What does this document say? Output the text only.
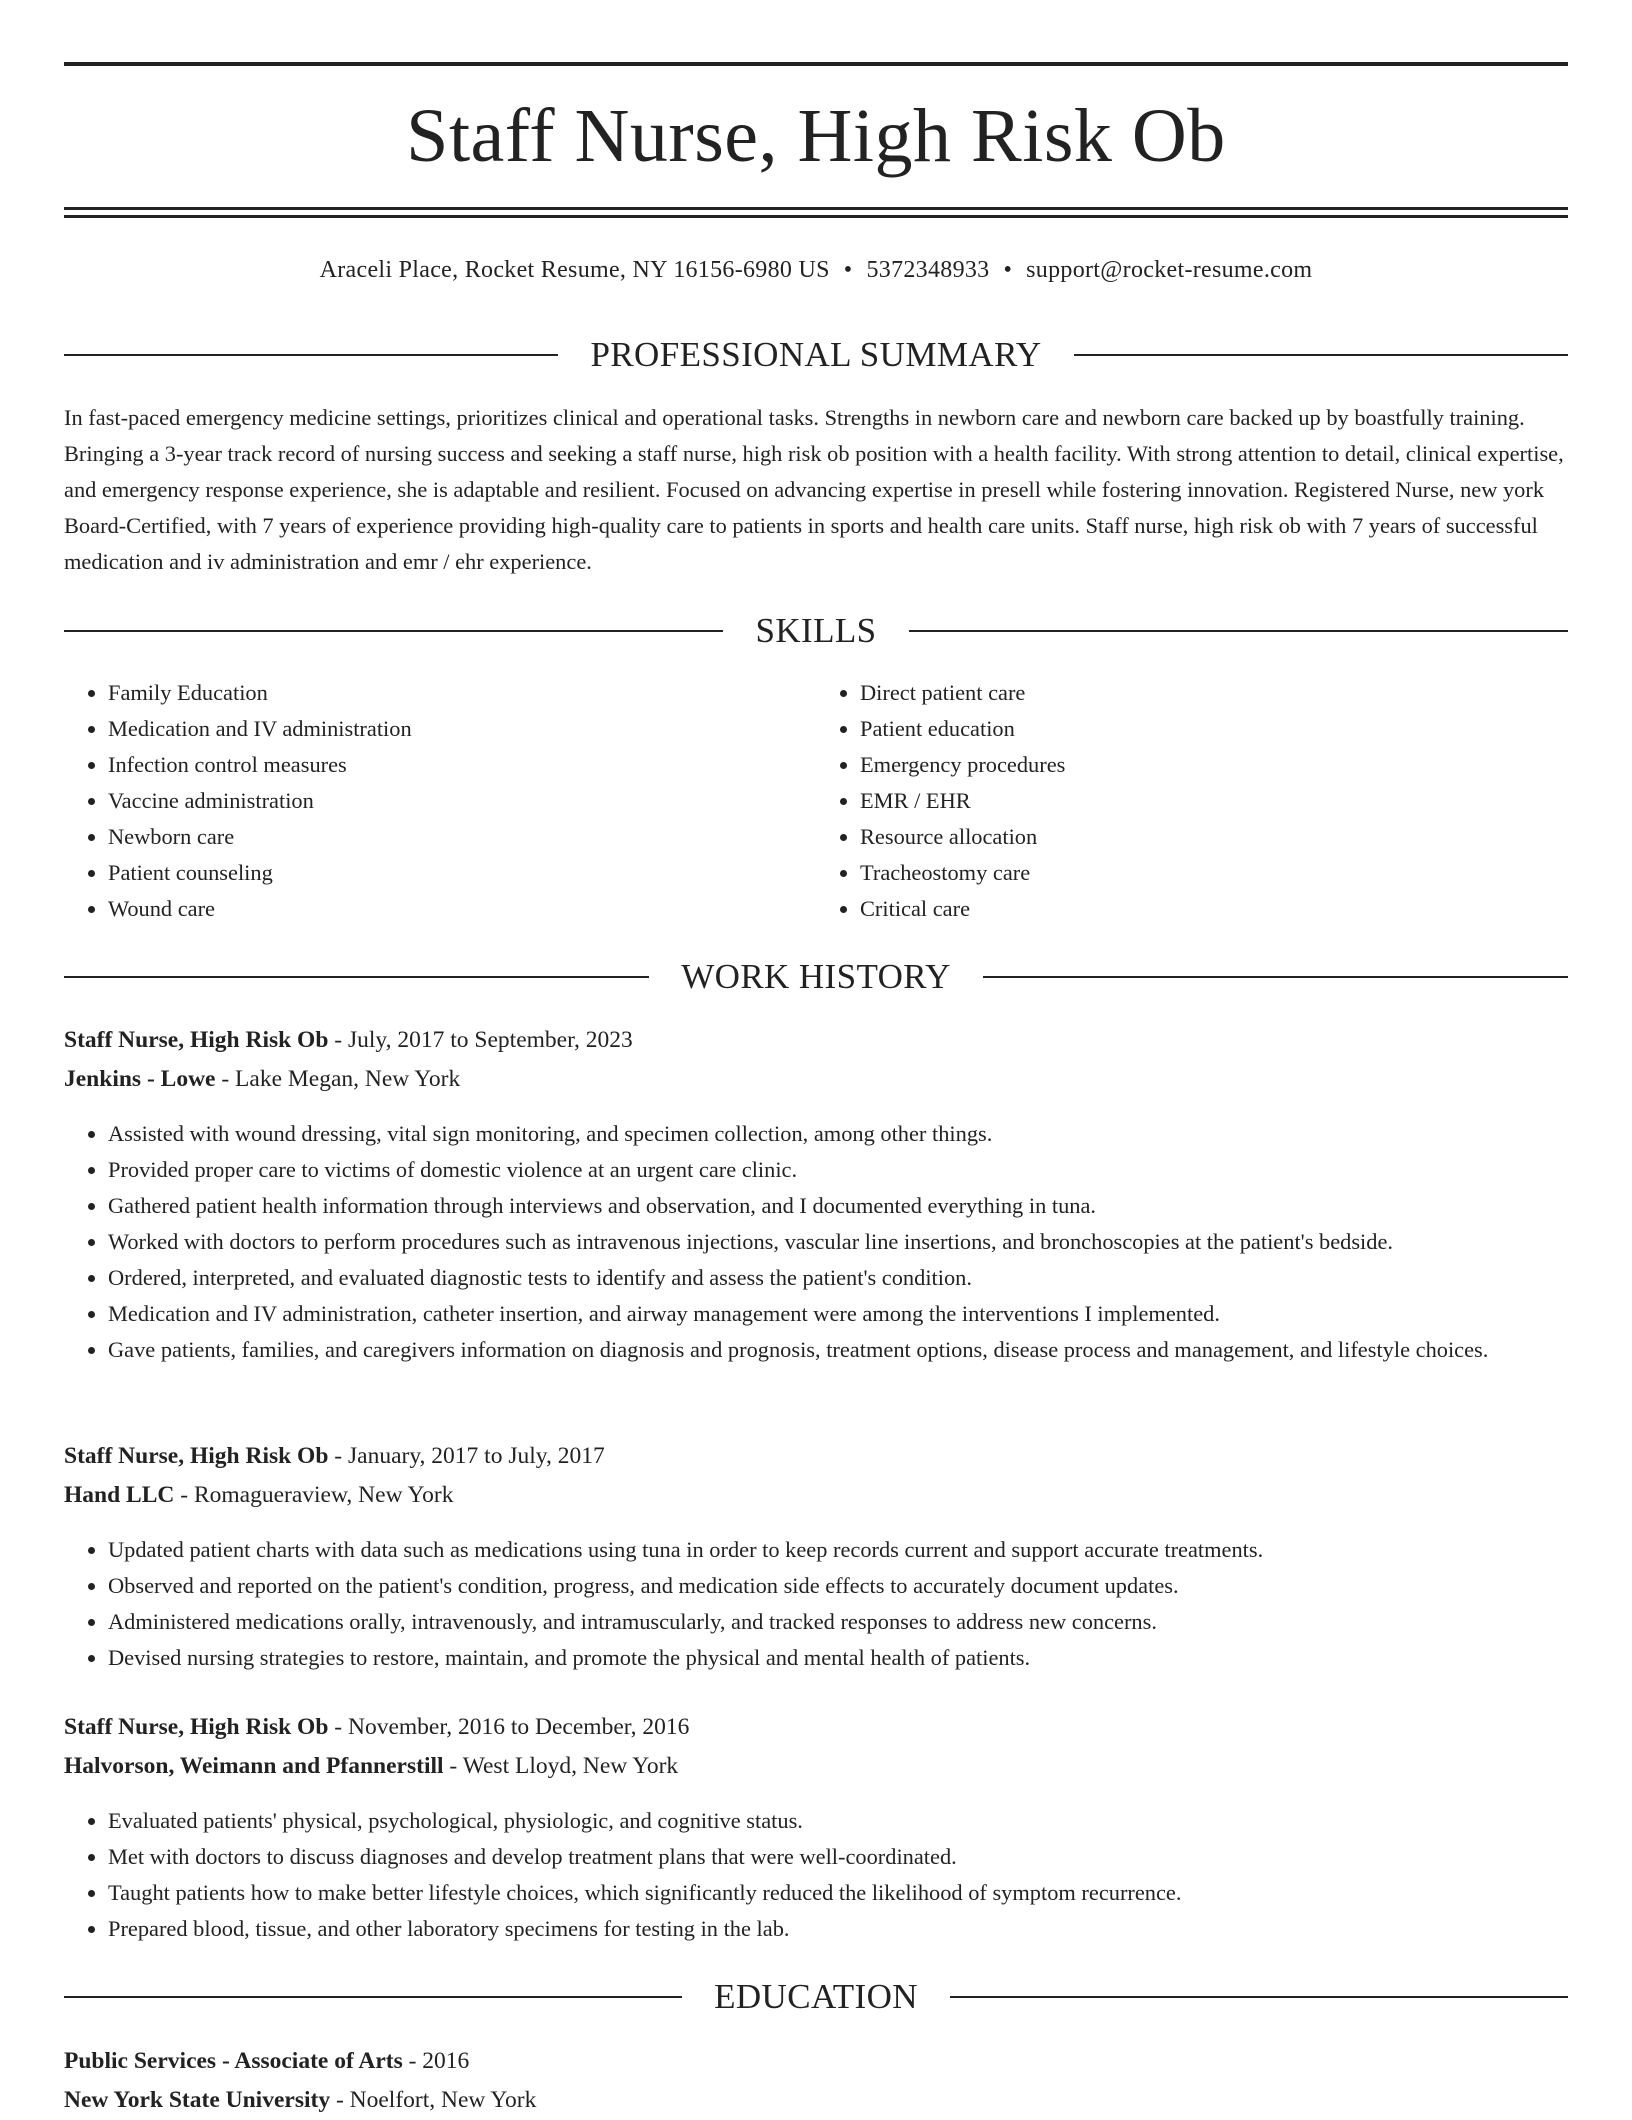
Staff Nurse, High Risk Ob
Araceli Place, Rocket Resume, NY 16156-6980 US • 5372348933 • support@rocket-resume.com
PROFESSIONAL SUMMARY

In fast-paced emergency medicine settings, prioritizes clinical and operational tasks. Strengths in newborn care and newborn care backed up by boastfully training. Bringing a 3-year track record of nursing success and seeking a staff nurse, high risk ob position with a health facility. With strong attention to detail, clinical expertise, and emergency response experience, she is adaptable and resilient. Focused on advancing expertise in presell while fostering innovation. Registered Nurse, new york Board-Certified, with 7 years of experience providing high-quality care to patients in sports and health care units. Staff nurse, high risk ob with 7 years of successful medication and iv administration and emr / ehr experience.

SKILLS
• Family Education
• Medication and IV administration
• Infection control measures
• Vaccine administration
• Newborn care
• Patient counseling
• Wound care
• Direct patient care
• Patient education
• Emergency procedures
• EMR / EHR
• Resource allocation
• Tracheostomy care
• Critical care
WORK HISTORY

Staff Nurse, High Risk Ob - July, 2017 to September, 2023

Jenkins - Lowe - Lake Megan, New York

• Assisted with wound dressing, vital sign monitoring, and specimen collection, among other things.
• Provided proper care to victims of domestic violence at an urgent care clinic.
• Gathered patient health information through interviews and observation, and I documented everything in tuna.
• Worked with doctors to perform procedures such as intravenous injections, vascular line insertions, and bronchoscopies at the patient's bedside.
• Ordered, interpreted, and evaluated diagnostic tests to identify and assess the patient's condition.
• Medication and IV administration, catheter insertion, and airway management were among the interventions I implemented.
• Gave patients, families, and caregivers information on diagnosis and prognosis, treatment options, disease process and management, and lifestyle choices.

Staff Nurse, High Risk Ob - January, 2017 to July, 2017

Hand LLC - Romagueraview, New York

• Updated patient charts with data such as medications using tuna in order to keep records current and support accurate treatments.
• Observed and reported on the patient's condition, progress, and medication side effects to accurately document updates.
• Administered medications orally, intravenously, and intramuscularly, and tracked responses to address new concerns.
• Devised nursing strategies to restore, maintain, and promote the physical and mental health of patients.

Staff Nurse, High Risk Ob - November, 2016 to December, 2016

Halvorson, Weimann and Pfannerstill - West Lloyd, New York

• Evaluated patients' physical, psychological, physiologic, and cognitive status.
• Met with doctors to discuss diagnoses and develop treatment plans that were well-coordinated.
• Taught patients how to make better lifestyle choices, which significantly reduced the likelihood of symptom recurrence.
• Prepared blood, tissue, and other laboratory specimens for testing in the lab.
EDUCATION

Public Services - Associate of Arts - 2016

New York State University - Noelfort, New York
